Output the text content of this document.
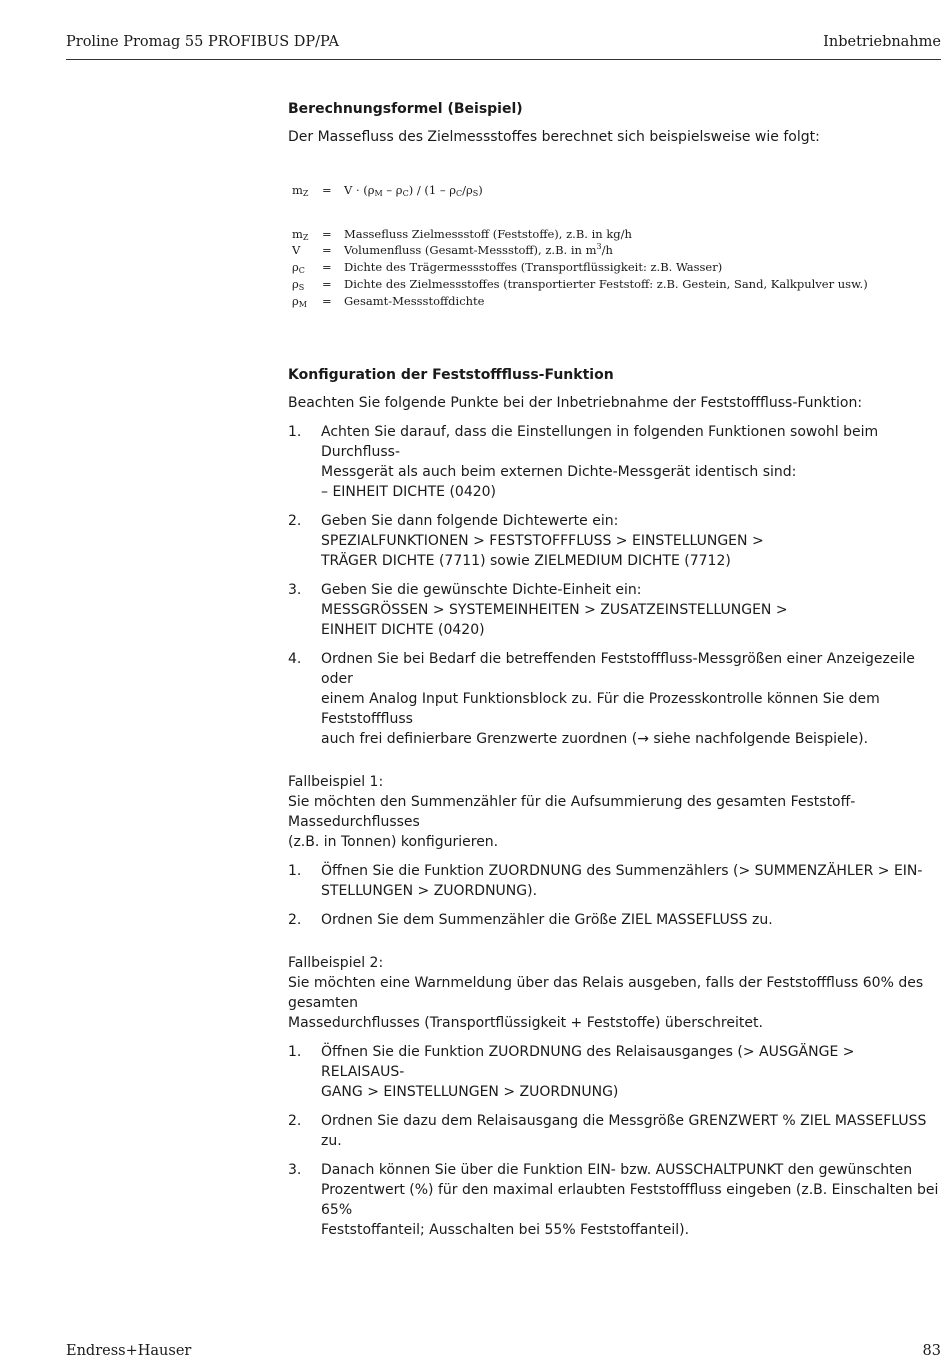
Proline Promag 55 PROFIBUS DP/PA	Inbetriebnahme
Berechnungsformel (Beispiel)

Der Massefluss des Zielmessstoffes berechnet sich beispielsweise wie folgt:

$m_Z$	=	$V \cdot (\rho_M - \rho_C) / (1 - \rho_C/\rho_S)$
$m_Z$	=	Massefluss Zielmessstoff (Feststoffe), z.B. in kg/h
V	=	Volumenfluss (Gesamt-Messstoff), z.B. in $m^3/h$
$\rho_C$	=	Dichte des Trägermessstoffes (Transportflüssigkeit: z.B. Wasser)
$\rho_S$	=	Dichte des Zielmessstoffes (transportierter Feststoff: z.B. Gestein, Sand, Kalkpulver usw.)
$\rho_M$	=	Gesamt-Messstoffdichte
Konfiguration der Feststofffluss-Funktion

Beachten Sie folgende Punkte bei der Inbetriebnahme der Feststofffluss-Funktion:

1.	Achten Sie darauf, dass die Einstellungen in folgenden Funktionen sowohl beim Durchfluss-
Messgerät als auch beim externen Dichte-Messgerät identisch sind:
– EINHEIT DICHTE (0420)
2.	Geben Sie dann folgende Dichtewerte ein:
SPEZIALFUNKTIONEN > FESTSTOFFFLUSS > EINSTELLUNGEN >
TRÄGER DICHTE (7711) sowie ZIELMEDIUM DICHTE (7712)
3.	Geben Sie die gewünschte Dichte-Einheit ein:
MESSGRÖSSEN > SYSTEMEINHEITEN > ZUSATZEINSTELLUNGEN >
EINHEIT DICHTE (0420)
4.	Ordnen Sie bei Bedarf die betreffenden Feststofffluss-Messgrößen einer Anzeigezeile oder
einem Analog Input Funktionsblock zu. Für die Prozesskontrolle können Sie dem Feststofffluss
auch frei definierbare Grenzwerte zuordnen (→ siehe nachfolgende Beispiele).

Fallbeispiel 1:

Sie möchten den Summenzähler für die Aufsummierung des gesamten Feststoff-Massedurchflusses
(z.B. in Tonnen) konfigurieren.

1.	Öffnen Sie die Funktion ZUORDNUNG des Summenzählers (> SUMMENZÄHLER > EIN-
STELLUNGEN > ZUORDNUNG).
2.	Ordnen Sie dem Summenzähler die Größe ZIEL MASSEFLUSS zu.

Fallbeispiel 2:

Sie möchten eine Warnmeldung über das Relais ausgeben, falls der Feststofffluss 60% des gesamten
Massedurchflusses (Transportflüssigkeit + Feststoffe) überschreitet.

1.	Öffnen Sie die Funktion ZUORDNUNG des Relaisausganges (> AUSGÄNGE > RELAISAUS-
GANG > EINSTELLUNGEN > ZUORDNUNG)
2.	Ordnen Sie dazu dem Relaisausgang die Messgröße GRENZWERT % ZIEL MASSEFLUSS zu.
3.	Danach können Sie über die Funktion EIN- bzw. AUSSCHALTPUNKT den gewünschten
Prozentwert (%) für den maximal erlaubten Feststofffluss eingeben (z.B. Einschalten bei 65%
Feststoffanteil; Ausschalten bei 55% Feststoffanteil).
Endress+Hauser	83
